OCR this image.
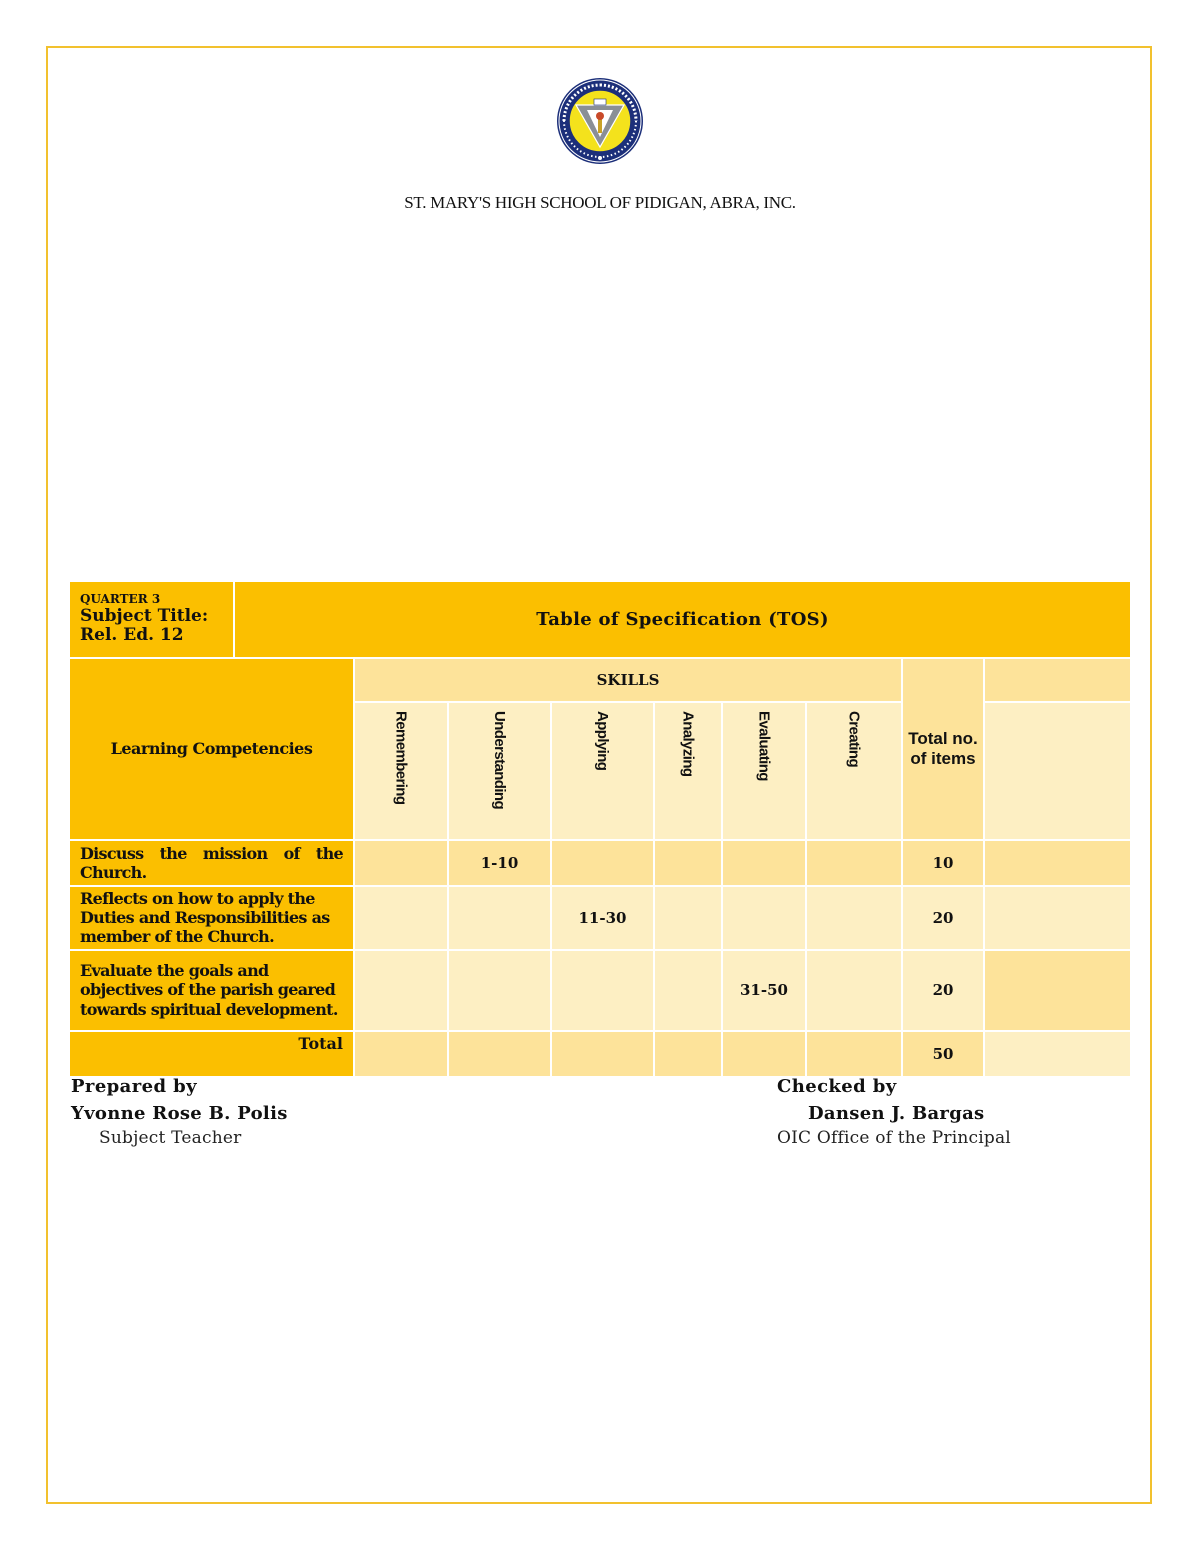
ST. MARY'S HIGH SCHOOL OF PIDIGAN, ABRA, INC.
QUARTER 3
Subject Title:
Rel. Ed. 12	Table of Specification (TOS)								
Learning Competencies		SKILLS						Total no. of items	

		Remembering	Understanding	Applying	Analyzing	Evaluating	Creating		

Discuss the mission of the Church.			1-10					10	
Reflects on how to apply the Duties and Responsibilities as member of the Church.				11-30				20	
Evaluate the goals and objectives of the parish geared towards spiritual development.						31-50		20	
Total								50	
Prepared by
Yvonne Rose B. Polis
Subject Teacher
Checked by
Dansen J. Bargas
OIC Office of the Principal
